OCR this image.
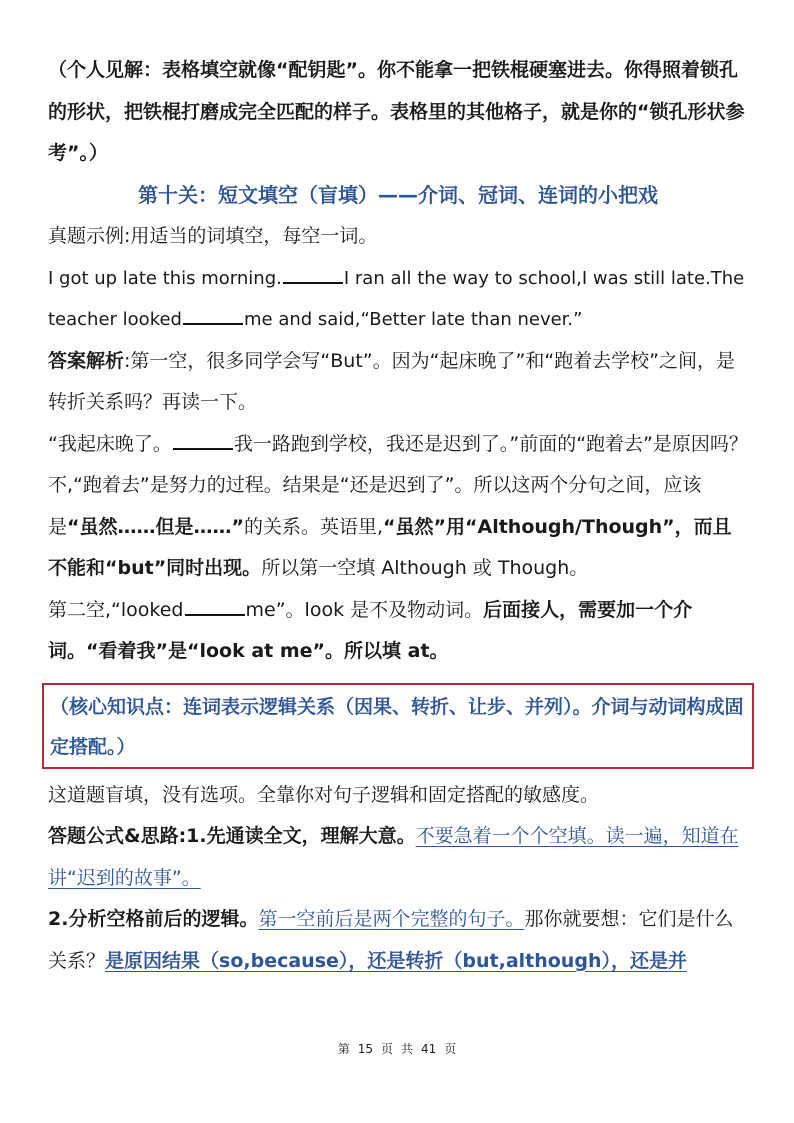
（个人见解：表格填空就像“配钥匙”。你不能拿一把铁棍硬塞进去。你得照着锁孔的形状，把铁棍打磨成完全匹配的样子。表格里的其他格子，就是你的“锁孔形状参考”。）

第十关：短文填空（盲填）——介词、冠词、连词的小把戏

真题示例:用适当的词填空，每空一词。

I got up late this morning.	I ran all the way to school,I was still late.The teacher looked	me and said,“Better late than never.”

答案解析:第一空，很多同学会写“But”。因为“起床晚了”和“跑着去学校”之间，是转折关系吗？再读一下。

“我起床晚了。	我一路跑到学校，我还是迟到了。”前面的“跑着去”是原因吗？不,“跑着去”是努力的过程。结果是“还是迟到了”。所以这两个分句之间，应该是“虽然……但是……”的关系。英语里,“虽然”用“Although/Though”，而且不能和“but”同时出现。所以第一空填 Although 或 Though。

第二空,“looked	me”。look 是不及物动词。后面接人，需要加一个介词。“看着我”是“look at me”。所以填 at。

（核心知识点：连词表示逻辑关系（因果、转折、让步、并列）。介词与动词构成固定搭配。）

这道题盲填，没有选项。全靠你对句子逻辑和固定搭配的敏感度。

答题公式&思路:1.先通读全文，理解大意。不要急着一个个空填。读一遍，知道在讲“迟到的故事”。

2.分析空格前后的逻辑。第一空前后是两个完整的句子。那你就要想：它们是什么关系？是原因结果（so,because），还是转折（but,although），还是并

第 15 页 共 41 页
